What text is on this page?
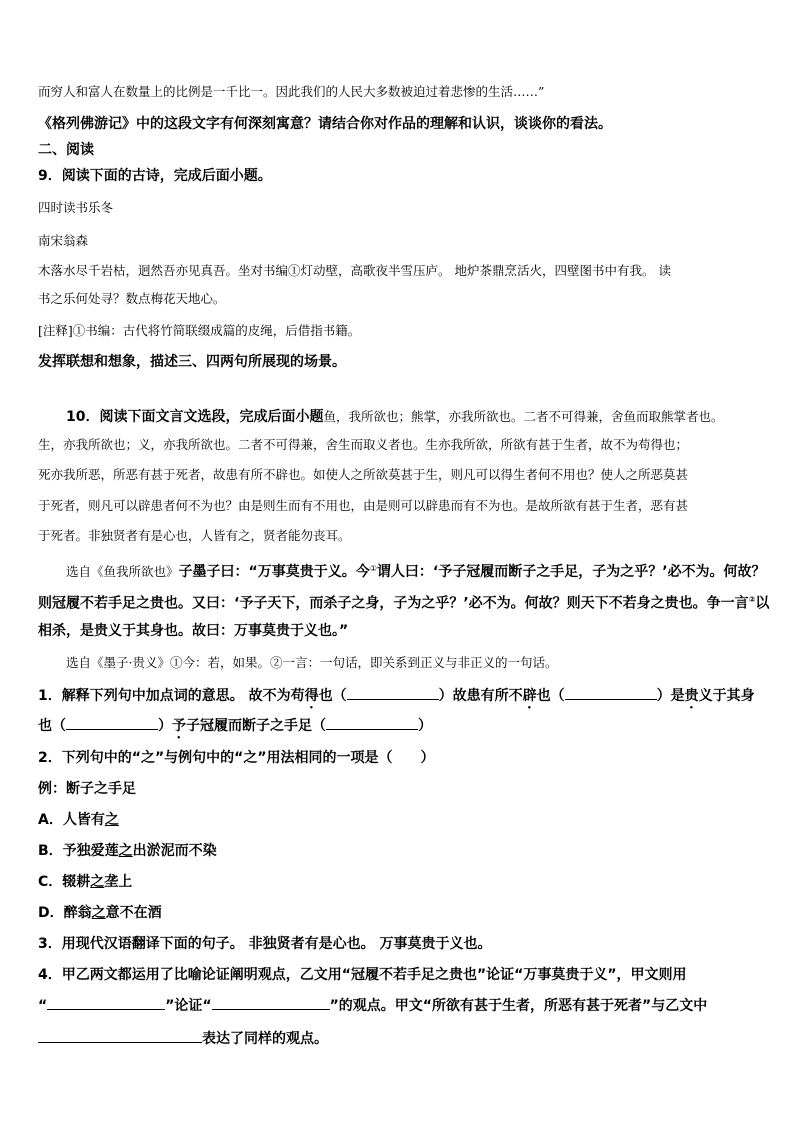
而穷人和富人在数量上的比例是一千比一。因此我们的人民大多数被迫过着悲惨的生活……”
《格列佛游记》中的这段文字有何深刻寓意？请结合你对作品的理解和认识，谈谈你的看法。
二、阅读
9．阅读下面的古诗，完成后面小题。
四时读书乐冬
南宋翁森
木落水尽千岩枯，迥然吾亦见真吾。坐对书编①灯动壁，高歌夜半雪压庐。 地炉茶鼎烹活火，四壁图书中有我。 读
书之乐何处寻？数点梅花天地心。
[注释]①书编：古代将竹简联缀成篇的皮绳，后借指书籍。
发挥联想和想象，描述三、四两句所展现的场景。
10．阅读下面文言文选段，完成后面小题鱼，我所欲也；熊掌，亦我所欲也。二者不可得兼，舍鱼而取熊掌者也。
生，亦我所欲也；义，亦我所欲也。二者不可得兼，舍生而取义者也。生亦我所欲，所欲有甚于生者，故不为苟得也；
死亦我所恶，所恶有甚于死者，故患有所不辟也。如使人之所欲莫甚于生，则凡可以得生者何不用也？使人之所恶莫甚
于死者，则凡可以辟患者何不为也？由是则生而有不用也，由是则可以辟患而有不为也。是故所欲有甚于生者，恶有甚
于死者。非独贤者有是心也，人皆有之，贤者能勿丧耳。
选自《鱼我所欲也》子墨子曰：“万事莫贵于义。今①谓人曰：‘予子冠履而断子之手足，子为之乎？’必不为。何故？
则冠履不若手足之贵也。又曰：‘予子天下，而杀子之身，子为之乎？’必不为。何故？则天下不若身之贵也。争一言②以
相杀，是贵义于其身也。故曰：万事莫贵于义也。”
选自《墨子·贵义》①今：若，如果。②一言：一句话，即关系到正义与非正义的一句话。
1．解释下列句中加点词的意思。 故不为苟得也（	）故患有所不辟也（	）是贵义于其身
也（	）予子冠履而断子之手足（	）
2．下列句中的“之”与例句中的“之”用法相同的一项是（　　）
例：断子之手足
A．人皆有之
B．予独爱莲之出淤泥而不染
C．辍耕之垄上
D．醉翁之意不在酒
3．用现代汉语翻译下面的句子。 非独贤者有是心也。 万事莫贵于义也。
4．甲乙两文都运用了比喻论证阐明观点，乙文用“冠履不若手足之贵也”论证“万事莫贵于义”，甲文则用
“	”论证“	”的观点。甲文“所欲有甚于生者，所恶有甚于死者”与乙文中
表达了同样的观点。
